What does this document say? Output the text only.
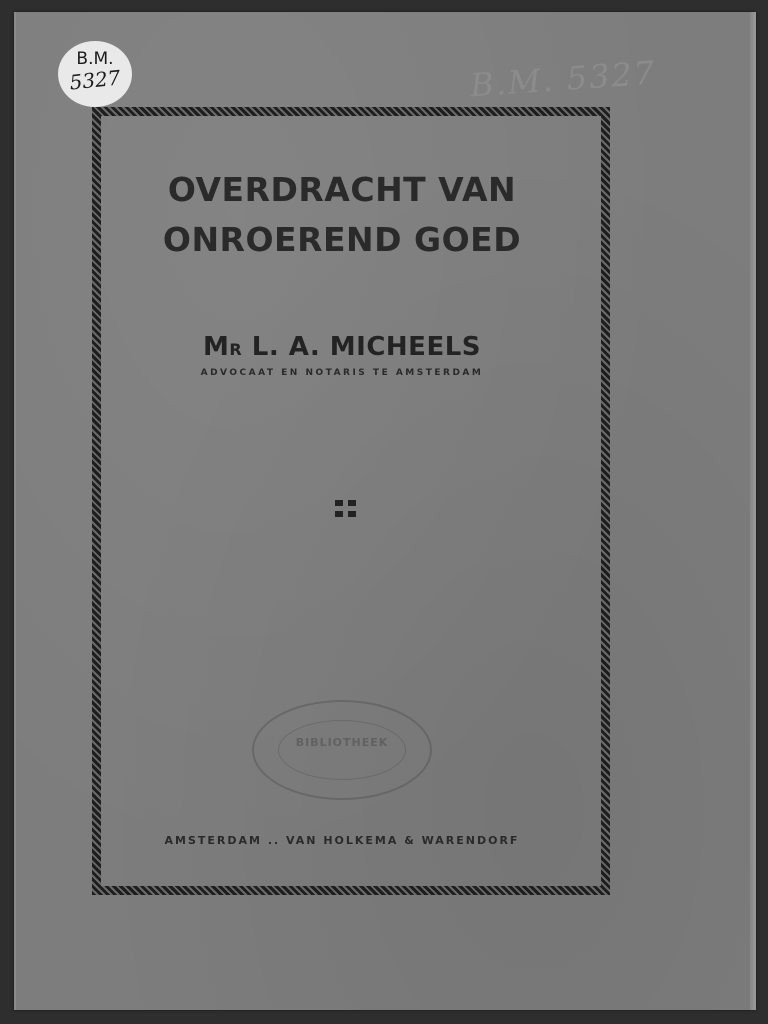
B.M.
5327	B.M. 5327
OVERDRACHT VAN
ONROEREND GOED
MR L. A. MICHEELS
ADVOCAAT EN NOTARIS TE AMSTERDAM
BIBLIOTHEEK
AMSTERDAM .. VAN HOLKEMA & WARENDORF
